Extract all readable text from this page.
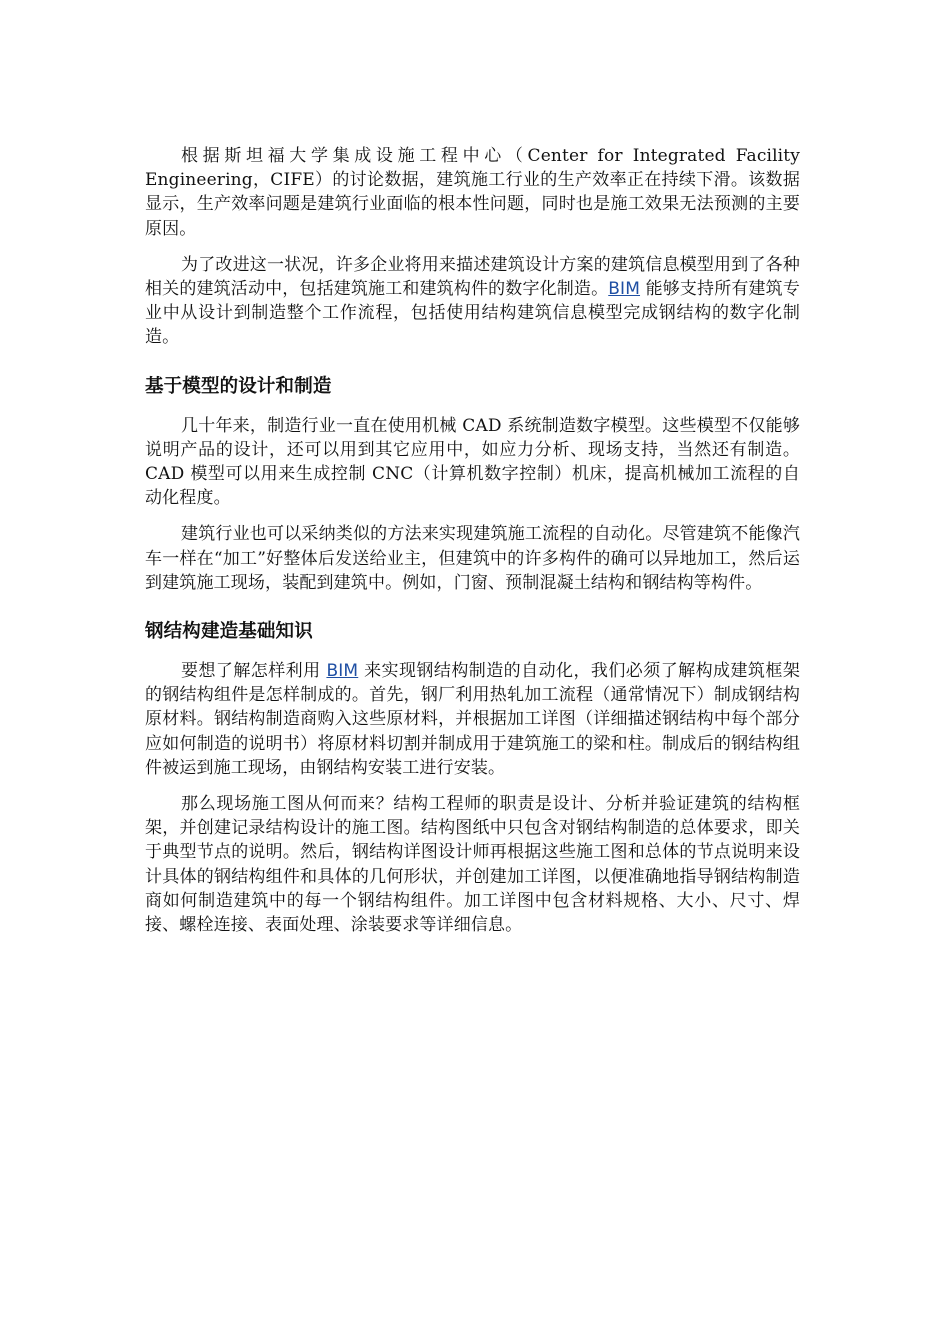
根据斯坦福大学集成设施工程中心（Center for Integrated Facility Engineering，CIFE）的讨论数据，建筑施工行业的生产效率正在持续下滑。该数据显示，生产效率问题是建筑行业面临的根本性问题，同时也是施工效果无法预测的主要原因。

为了改进这一状况，许多企业将用来描述建筑设计方案的建筑信息模型用到了各种相关的建筑活动中，包括建筑施工和建筑构件的数字化制造。BIM 能够支持所有建筑专业中从设计到制造整个工作流程，包括使用结构建筑信息模型完成钢结构的数字化制造。

基于模型的设计和制造

几十年来，制造行业一直在使用机械 CAD 系统制造数字模型。这些模型不仅能够说明产品的设计，还可以用到其它应用中，如应力分析、现场支持，当然还有制造。CAD 模型可以用来生成控制 CNC（计算机数字控制）机床，提高机械加工流程的自动化程度。

建筑行业也可以采纳类似的方法来实现建筑施工流程的自动化。尽管建筑不能像汽车一样在“加工”好整体后发送给业主，但建筑中的许多构件的确可以异地加工，然后运到建筑施工现场，装配到建筑中。例如，门窗、预制混凝土结构和钢结构等构件。

钢结构建造基础知识

要想了解怎样利用 BIM 来实现钢结构制造的自动化，我们必须了解构成建筑框架的钢结构组件是怎样制成的。首先，钢厂利用热轧加工流程（通常情况下）制成钢结构原材料。钢结构制造商购入这些原材料，并根据加工详图（详细描述钢结构中每个部分应如何制造的说明书）将原材料切割并制成用于建筑施工的梁和柱。制成后的钢结构组件被运到施工现场，由钢结构安装工进行安装。

那么现场施工图从何而来？结构工程师的职责是设计、分析并验证建筑的结构框架，并创建记录结构设计的施工图。结构图纸中只包含对钢结构制造的总体要求，即关于典型节点的说明。然后，钢结构详图设计师再根据这些施工图和总体的节点说明来设计具体的钢结构组件和具体的几何形状，并创建加工详图，以便准确地指导钢结构制造商如何制造建筑中的每一个钢结构组件。加工详图中包含材料规格、大小、尺寸、焊接、螺栓连接、表面处理、涂装要求等详细信息。
